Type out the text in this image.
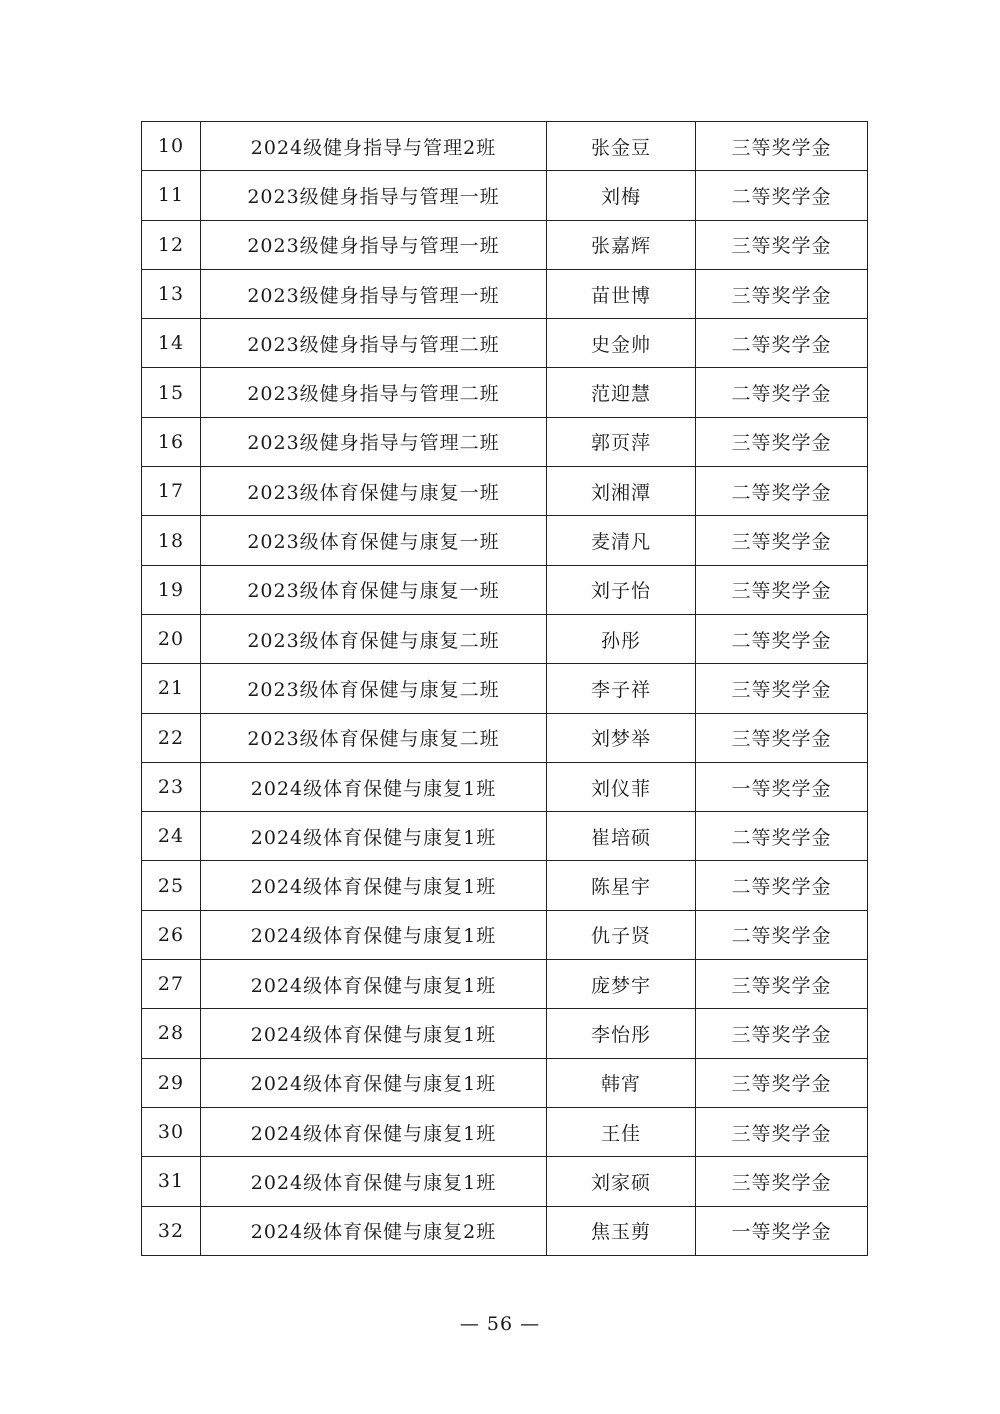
10	2024级健身指导与管理2班	张金豆	三等奖学金
11	2023级健身指导与管理一班	刘梅	二等奖学金
12	2023级健身指导与管理一班	张嘉辉	三等奖学金
13	2023级健身指导与管理一班	苗世博	三等奖学金
14	2023级健身指导与管理二班	史金帅	二等奖学金
15	2023级健身指导与管理二班	范迎慧	二等奖学金
16	2023级健身指导与管理二班	郭页萍	三等奖学金
17	2023级体育保健与康复一班	刘湘潭	二等奖学金
18	2023级体育保健与康复一班	麦清凡	三等奖学金
19	2023级体育保健与康复一班	刘子怡	三等奖学金
20	2023级体育保健与康复二班	孙彤	二等奖学金
21	2023级体育保健与康复二班	李子祥	三等奖学金
22	2023级体育保健与康复二班	刘梦举	三等奖学金
23	2024级体育保健与康复1班	刘仪菲	一等奖学金
24	2024级体育保健与康复1班	崔培硕	二等奖学金
25	2024级体育保健与康复1班	陈星宇	二等奖学金
26	2024级体育保健与康复1班	仇子贤	二等奖学金
27	2024级体育保健与康复1班	庞梦宇	三等奖学金
28	2024级体育保健与康复1班	李怡彤	三等奖学金
29	2024级体育保健与康复1班	韩宵	三等奖学金
30	2024级体育保健与康复1班	王佳	三等奖学金
31	2024级体育保健与康复1班	刘家硕	三等奖学金
32	2024级体育保健与康复2班	焦玉剪	一等奖学金
— 56 —
